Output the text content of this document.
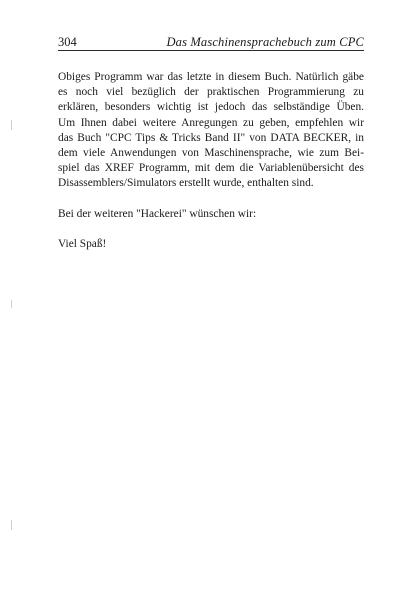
304	Das Maschinensprachebuch zum CPC

Obiges Programm war das letzte in diesem Buch. Natürlich gäbe
es noch viel bezüglich der praktischen Programmierung zu
erklären, besonders wichtig ist jedoch das selbständige Üben.
Um Ihnen dabei weitere Anregungen zu geben, empfehlen wir
das Buch "CPC Tips & Tricks Band II" von DATA BECKER, in
dem viele Anwendungen von Maschinensprache, wie zum Bei-
spiel das XREF Programm, mit dem die Variablenübersicht des
Disassemblers/Simulators erstellt wurde, enthalten sind.

Bei der weiteren "Hackerei" wünschen wir:

Viel Spaß!
